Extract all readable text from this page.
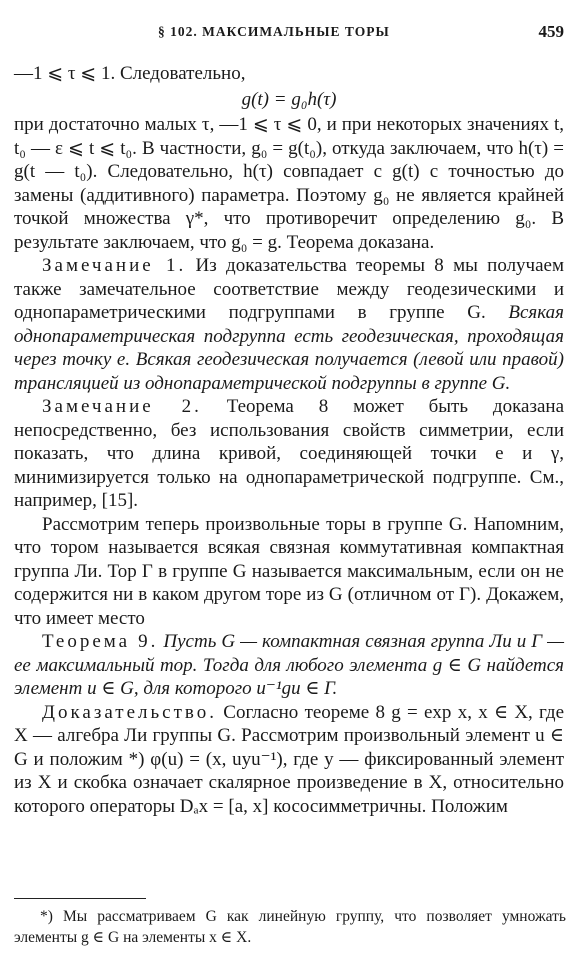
§ 102. МАКСИМАЛЬНЫЕ ТОРЫ	459

—1 ⩽ τ ⩽ 1. Следовательно,

g(t) = g₀h(τ)

при достаточно малых τ, —1 ⩽ τ ⩽ 0, и при некоторых значениях t, t₀ — ε ⩽ t ⩽ t₀. В частности, g₀ = g(t₀), откуда заключаем, что h(τ) = g(t — t₀). Следовательно, h(τ) совпадает с g(t) с точностью до замены (аддитивного) параметра. Поэтому g₀ не является крайней точкой множества γ*, что противоречит определению g₀. В результате заключаем, что g₀ = g. Теорема доказана.

Замечание 1. Из доказательства теоремы 8 мы получаем также замечательное соответствие между геодезическими и однопараметрическими подгруппами в группе G. Всякая однопараметрическая подгруппа есть геодезическая, проходящая через точку e. Всякая геодезическая получается (левой или правой) трансляцией из однопараметрической подгруппы в группе G.

Замечание 2. Теорема 8 может быть доказана непосредственно, без использования свойств симметрии, если показать, что длина кривой, соединяющей точки e и γ, минимизируется только на однопараметрической подгруппе. См., например, [15].

Рассмотрим теперь произвольные торы в группе G. Напомним, что тором называется всякая связная коммутативная компактная группа Ли. Тор Γ в группе G называется максимальным, если он не содержится ни в каком другом торе из G (отличном от Γ). Докажем, что имеет место

Теорема 9. Пусть G — компактная связная группа Ли и Γ — ее максимальный тор. Тогда для любого элемента g ∈ G найдется элемент u ∈ G, для которого u⁻¹gu ∈ Γ.

Доказательство. Согласно теореме 8 g = exp x, x ∈ X, где X — алгебра Ли группы G. Рассмотрим произвольный элемент u ∈ G и положим *) φ(u) = (x, uyu⁻¹), где y — фиксированный элемент из X и скобка означает скалярное произведение в X, относительно которого операторы Dₐx = [a, x] кососимметричны. Положим

*) Мы рассматриваем G как линейную группу, что позволяет умножать элементы g ∈ G на элементы x ∈ X.
